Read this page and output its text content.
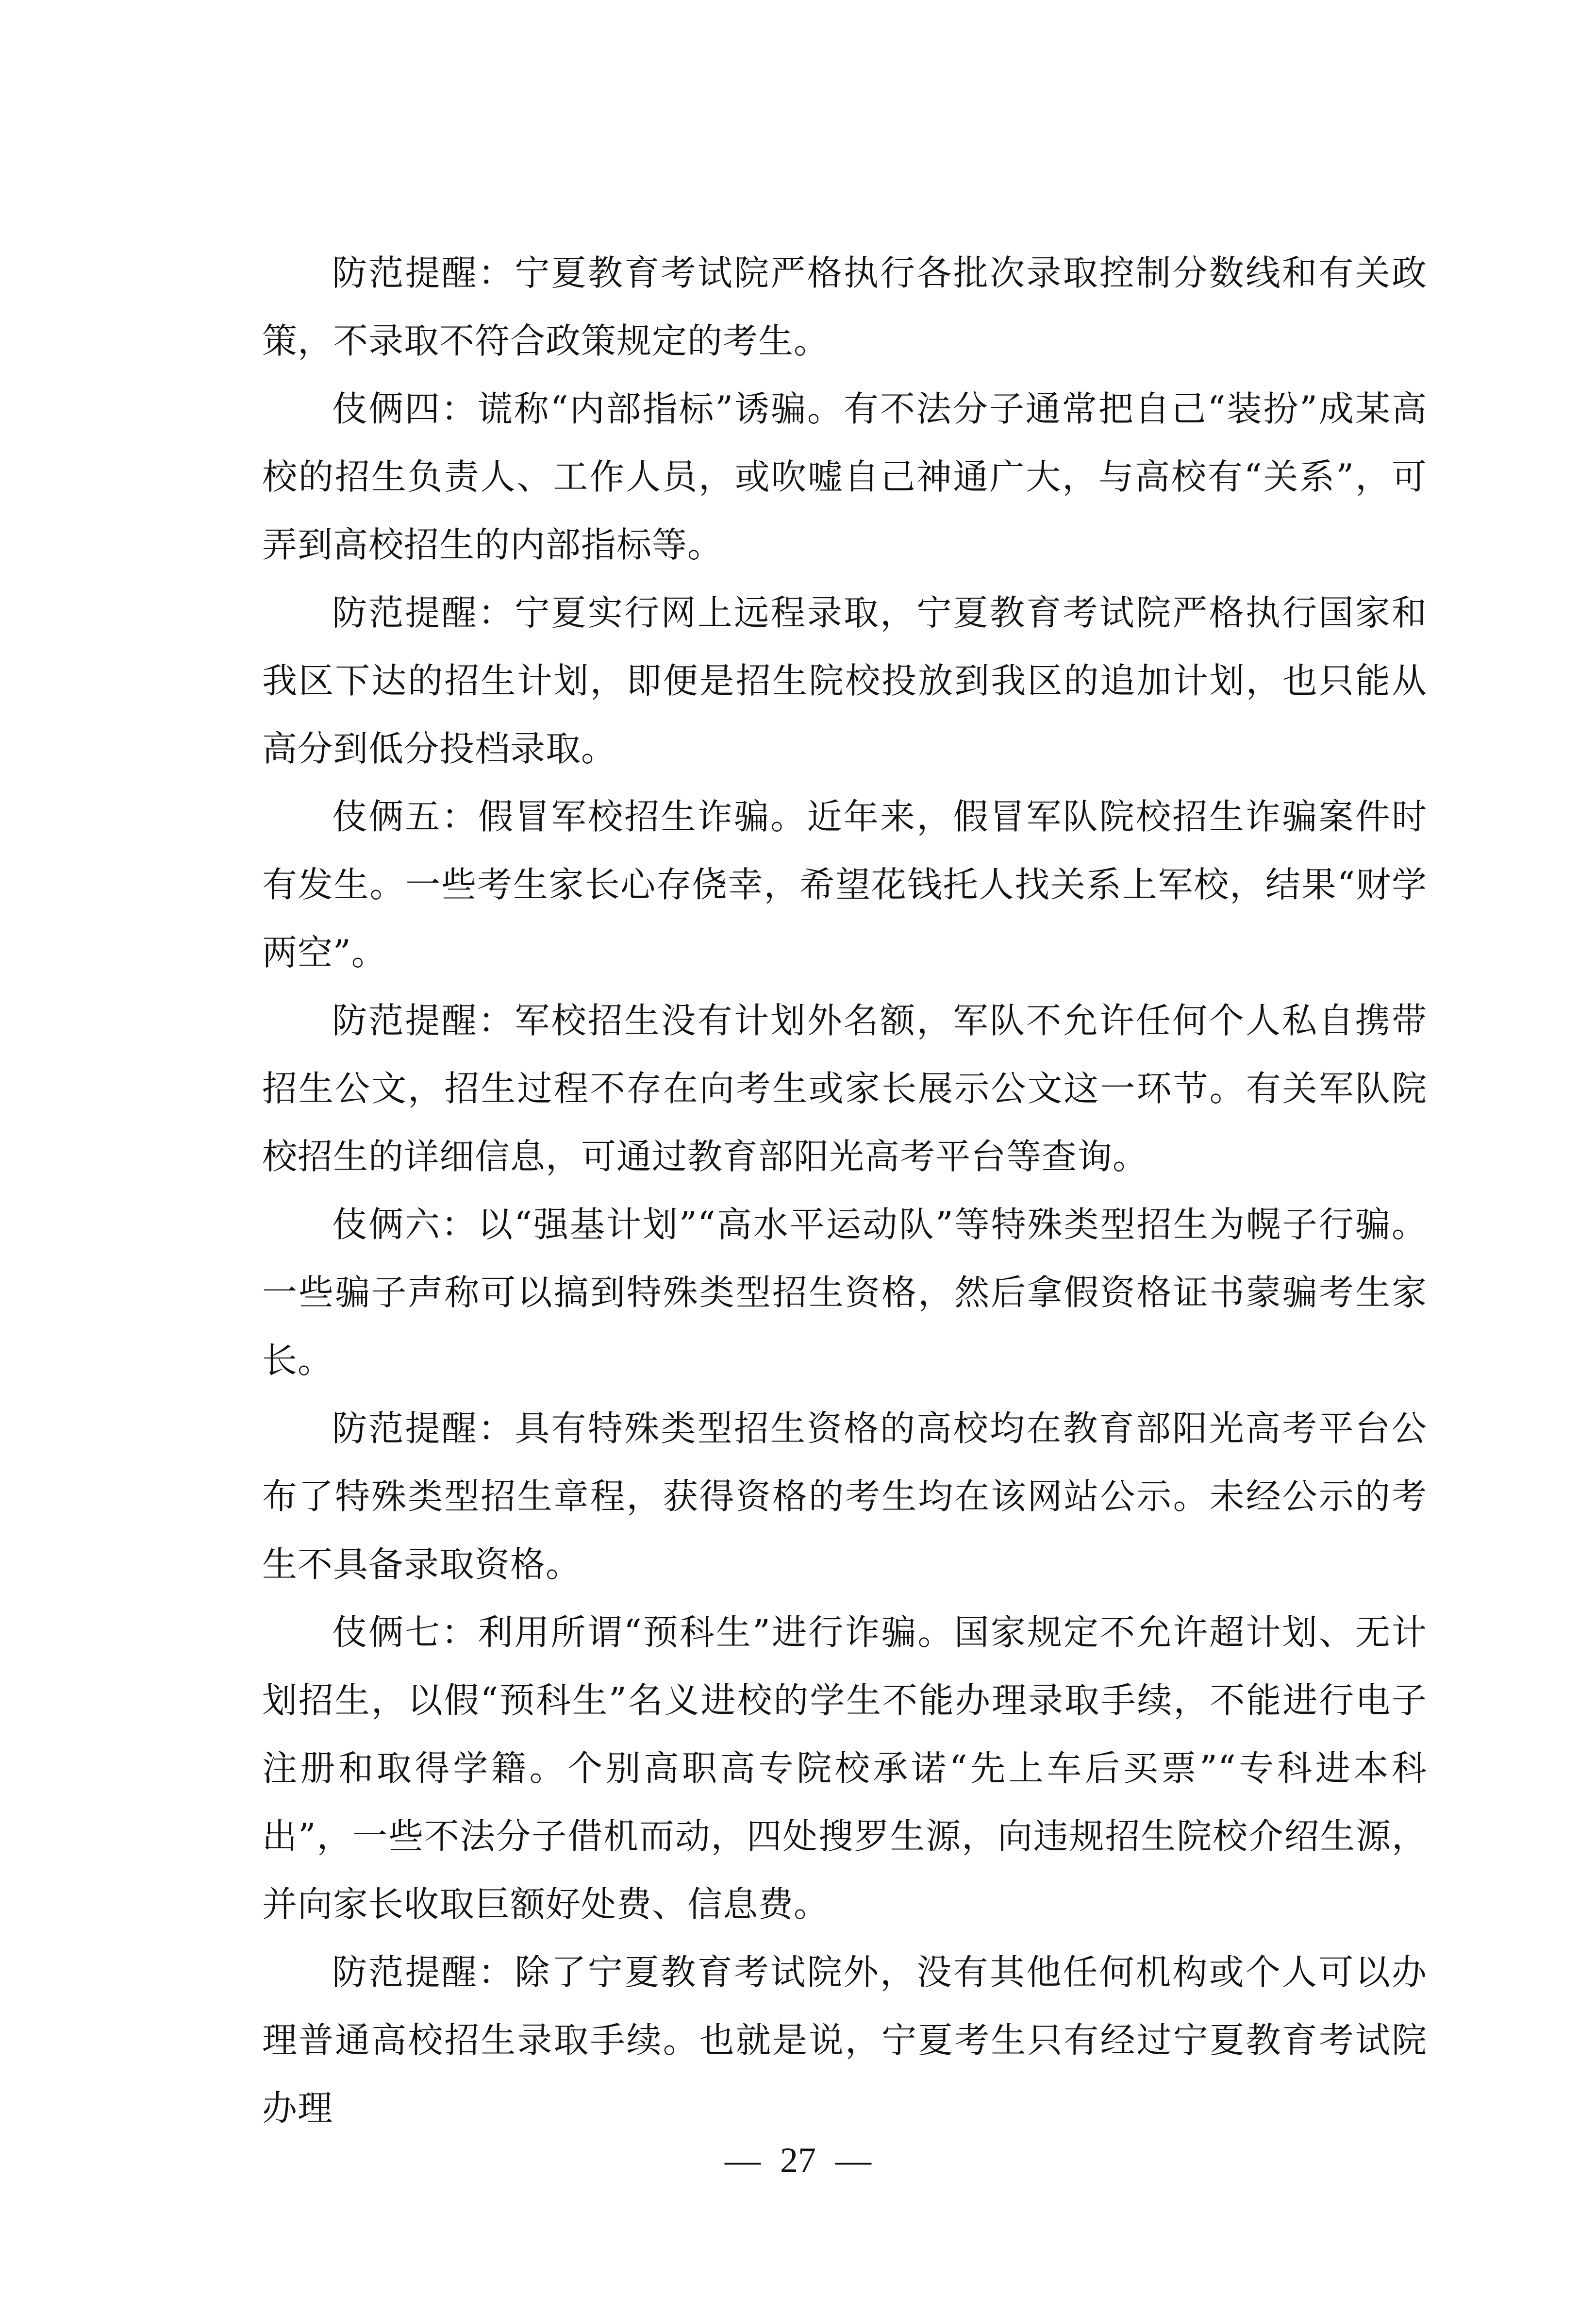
防范提醒：宁夏教育考试院严格执行各批次录取控制分数线和有关政策，不录取不符合政策规定的考生。

伎俩四：谎称“内部指标”诱骗。有不法分子通常把自己“装扮”成某高校的招生负责人、工作人员，或吹嘘自己神通广大，与高校有“关系”，可弄到高校招生的内部指标等。

防范提醒：宁夏实行网上远程录取，宁夏教育考试院严格执行国家和我区下达的招生计划，即便是招生院校投放到我区的追加计划，也只能从高分到低分投档录取。

伎俩五：假冒军校招生诈骗。近年来，假冒军队院校招生诈骗案件时有发生。一些考生家长心存侥幸，希望花钱托人找关系上军校，结果“财学两空”。

防范提醒：军校招生没有计划外名额，军队不允许任何个人私自携带招生公文，招生过程不存在向考生或家长展示公文这一环节。有关军队院校招生的详细信息，可通过教育部阳光高考平台等查询。

伎俩六：以“强基计划”“高水平运动队”等特殊类型招生为幌子行骗。一些骗子声称可以搞到特殊类型招生资格，然后拿假资格证书蒙骗考生家长。

防范提醒：具有特殊类型招生资格的高校均在教育部阳光高考平台公布了特殊类型招生章程，获得资格的考生均在该网站公示。未经公示的考生不具备录取资格。

伎俩七：利用所谓“预科生”进行诈骗。国家规定不允许超计划、无计划招生，以假“预科生”名义进校的学生不能办理录取手续，不能进行电子注册和取得学籍。个别高职高专院校承诺“先上车后买票”“专科进本科出”，一些不法分子借机而动，四处搜罗生源，向违规招生院校介绍生源，并向家长收取巨额好处费、信息费。

防范提醒：除了宁夏教育考试院外，没有其他任何机构或个人可以办理普通高校招生录取手续。也就是说，宁夏考生只有经过宁夏教育考试院办理

— 27 —
